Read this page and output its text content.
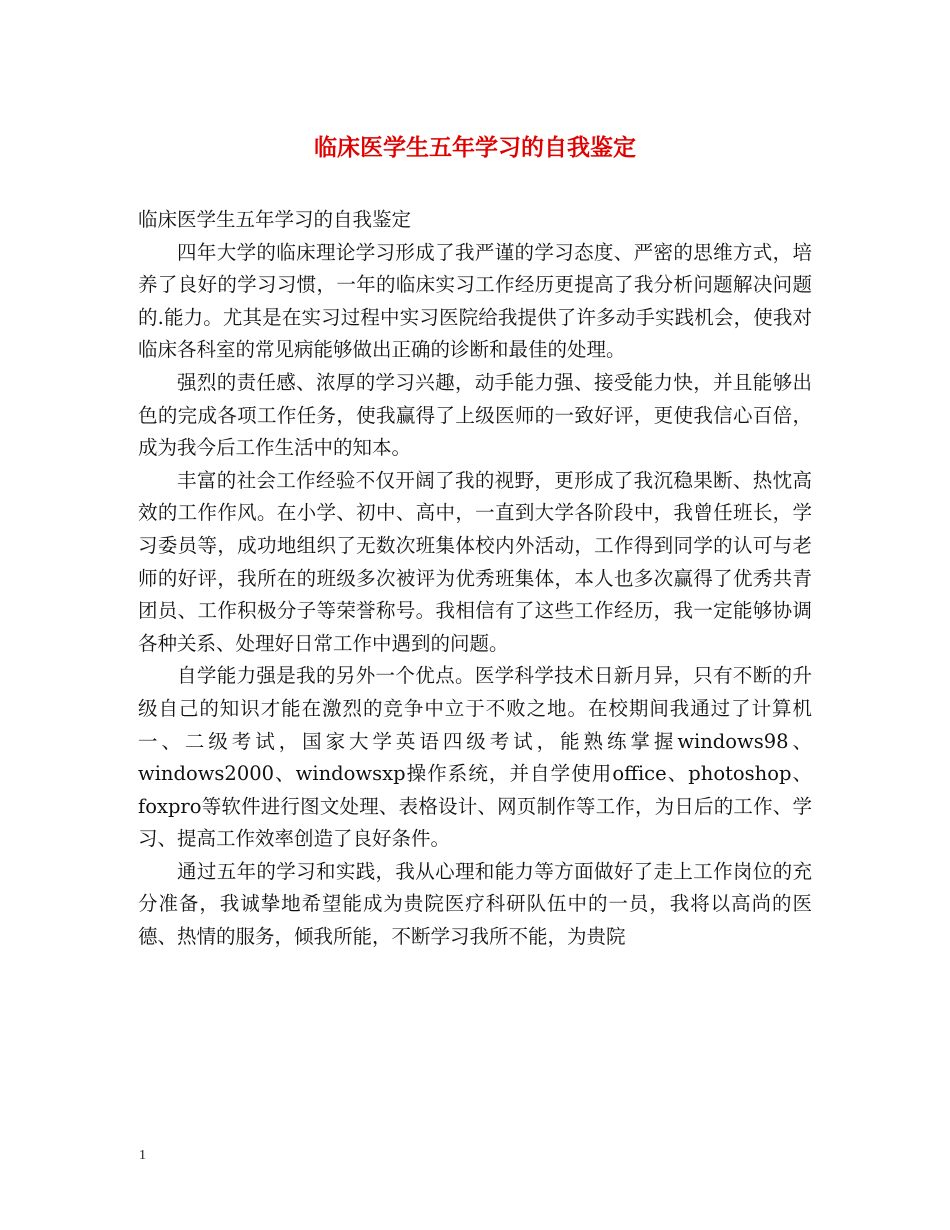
临床医学生五年学习的自我鉴定

临床医学生五年学习的自我鉴定

四年大学的临床理论学习形成了我严谨的学习态度、严密的思维方式，培养了良好的学习习惯，一年的临床实习工作经历更提高了我分析问题解决问题的.能力。尤其是在实习过程中实习医院给我提供了许多动手实践机会，使我对临床各科室的常见病能够做出正确的诊断和最佳的处理。

强烈的责任感、浓厚的学习兴趣，动手能力强、接受能力快，并且能够出色的完成各项工作任务，使我赢得了上级医师的一致好评，更使我信心百倍，成为我今后工作生活中的知本。

丰富的社会工作经验不仅开阔了我的视野，更形成了我沉稳果断、热忱高效的工作作风。在小学、初中、高中，一直到大学各阶段中，我曾任班长，学习委员等，成功地组织了无数次班集体校内外活动，工作得到同学的认可与老师的好评，我所在的班级多次被评为优秀班集体，本人也多次赢得了优秀共青团员、工作积极分子等荣誉称号。我相信有了这些工作经历，我一定能够协调各种关系、处理好日常工作中遇到的问题。

自学能力强是我的另外一个优点。医学科学技术日新月异，只有不断的升级自己的知识才能在激烈的竞争中立于不败之地。在校期间我通过了计算机一、二级考试，国家大学英语四级考试，能熟练掌握windows98、windows2000、windowsxp操作系统，并自学使用office、photoshop、foxpro等软件进行图文处理、表格设计、网页制作等工作，为日后的工作、学习、提高工作效率创造了良好条件。

通过五年的学习和实践，我从心理和能力等方面做好了走上工作岗位的充分准备，我诚挚地希望能成为贵院医疗科研队伍中的一员，我将以高尚的医德、热情的服务，倾我所能，不断学习我所不能，为贵院

1
